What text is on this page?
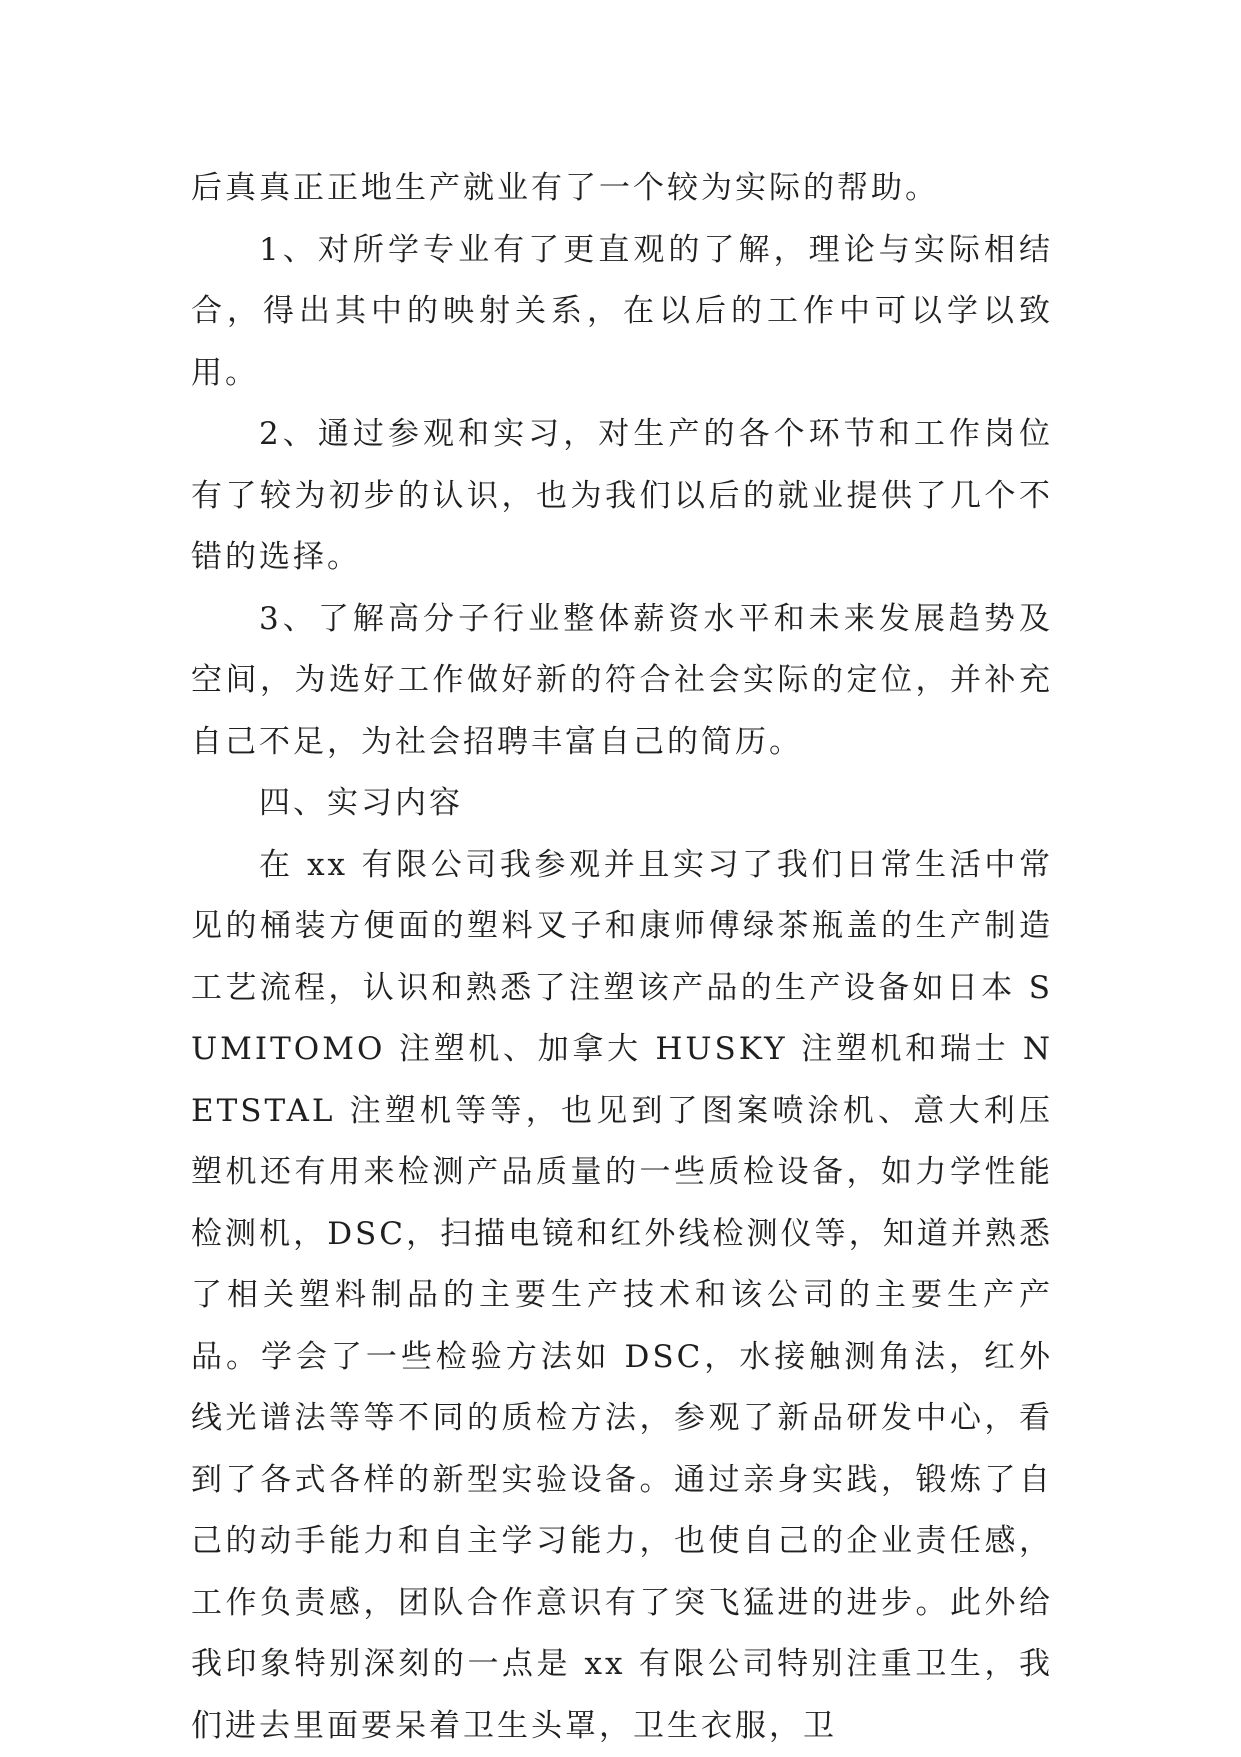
后真真正正地生产就业有了一个较为实际的帮助。

1、对所学专业有了更直观的了解，理论与实际相结合，得出其中的映射关系，在以后的工作中可以学以致用。

2、通过参观和实习，对生产的各个环节和工作岗位有了较为初步的认识，也为我们以后的就业提供了几个不错的选择。

3、了解高分子行业整体薪资水平和未来发展趋势及空间，为选好工作做好新的符合社会实际的定位，并补充自己不足，为社会招聘丰富自己的简历。

四、实习内容

在 xx 有限公司我参观并且实习了我们日常生活中常见的桶装方便面的塑料叉子和康师傅绿茶瓶盖的生产制造工艺流程，认识和熟悉了注塑该产品的生产设备如日本 SUMITOMO 注塑机、加拿大 HUSKY 注塑机和瑞士 NETSTAL 注塑机等等，也见到了图案喷涂机、意大利压塑机还有用来检测产品质量的一些质检设备，如力学性能检测机，DSC，扫描电镜和红外线检测仪等，知道并熟悉了相关塑料制品的主要生产技术和该公司的主要生产产品。学会了一些检验方法如 DSC，水接触测角法，红外线光谱法等等不同的质检方法，参观了新品研发中心，看到了各式各样的新型实验设备。通过亲身实践，锻炼了自己的动手能力和自主学习能力，也使自己的企业责任感，工作负责感，团队合作意识有了突飞猛进的进步。此外给我印象特别深刻的一点是 xx 有限公司特别注重卫生，我们进去里面要呆着卫生头罩，卫生衣服，卫
